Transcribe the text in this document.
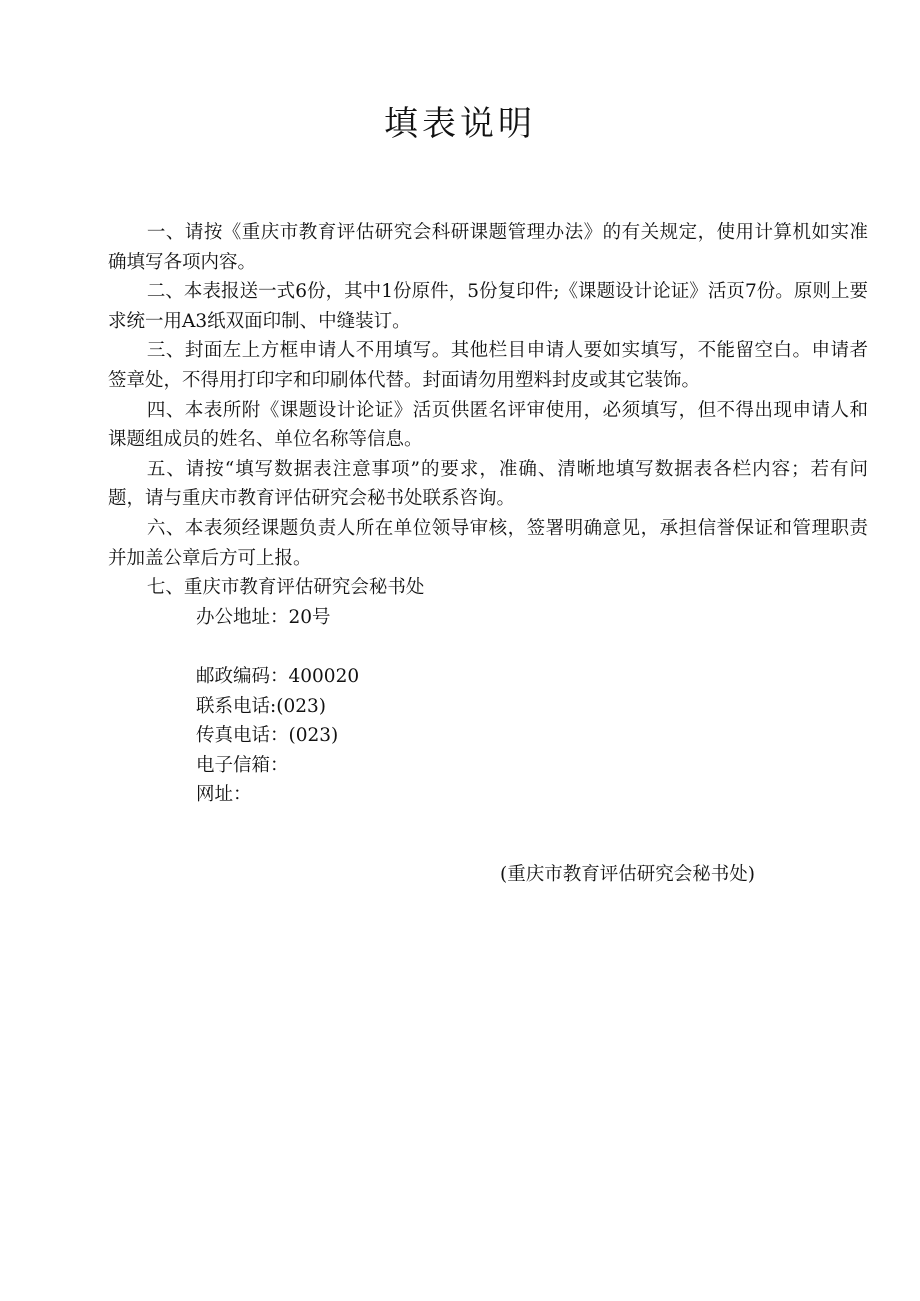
填表说明

一、请按《重庆市教育评估研究会科研课题管理办法》的有关规定，使用计算机如实准确填写各项内容。

二、本表报送一式6份，其中1份原件，5份复印件;《课题设计论证》活页7份。原则上要求统一用A3纸双面印制、中缝装订。

三、封面左上方框申请人不用填写。其他栏目申请人要如实填写，不能留空白。申请者签章处，不得用打印字和印刷体代替。封面请勿用塑料封皮或其它装饰。

四、本表所附《课题设计论证》活页供匿名评审使用，必须填写，但不得出现申请人和课题组成员的姓名、单位名称等信息。

五、请按“填写数据表注意事项”的要求，准确、清晰地填写数据表各栏内容；若有问题，请与重庆市教育评估研究会秘书处联系咨询。

六、本表须经课题负责人所在单位领导审核，签署明确意见，承担信誉保证和管理职责并加盖公章后方可上报。

七、重庆市教育评估研究会秘书处

办公地址：20号

邮政编码：400020

联系电话:(023)

传真电话：(023)

电子信箱：

网址：

(重庆市教育评估研究会秘书处)
